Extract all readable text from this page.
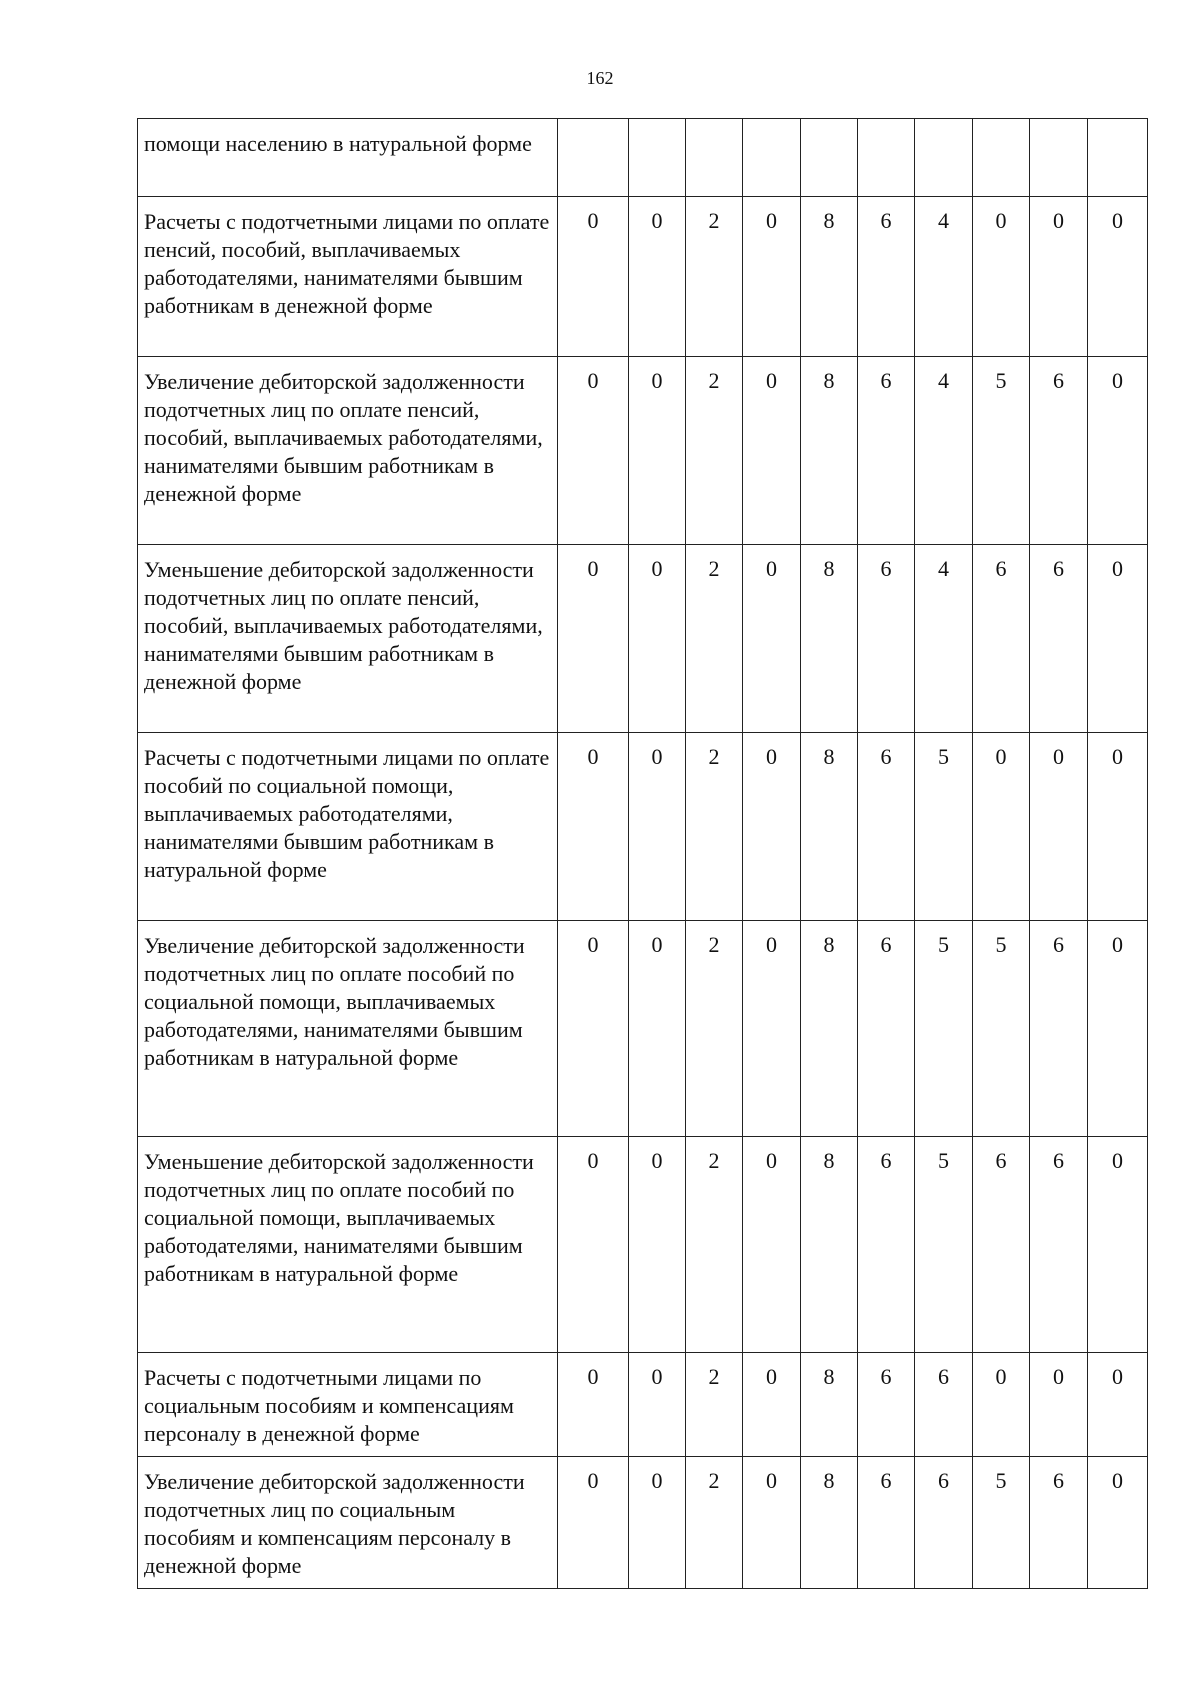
162
помощи населению в натуральной форме										
Расчеты с подотчетными лицами по оплате пенсий, пособий, выплачиваемых работодателями, нанимателями бывшим работникам в денежной форме	0	0	2	0	8	6	4	0	0	0
Увеличение дебиторской задолженности подотчетных лиц по оплате пенсий, пособий, выплачиваемых работодателями, нанимателями бывшим работникам в денежной форме	0	0	2	0	8	6	4	5	6	0
Уменьшение дебиторской задолженности подотчетных лиц по оплате пенсий, пособий, выплачиваемых работодателями, нанимателями бывшим работникам в денежной форме	0	0	2	0	8	6	4	6	6	0
Расчеты с подотчетными лицами по оплате пособий по социальной помощи, выплачиваемых работодателями, нанимателями бывшим работникам в натуральной форме	0	0	2	0	8	6	5	0	0	0
Увеличение дебиторской задолженности подотчетных лиц по оплате пособий по социальной помощи, выплачиваемых работодателями, нанимателями бывшим работникам в натуральной форме	0	0	2	0	8	6	5	5	6	0
Уменьшение дебиторской задолженности подотчетных лиц по оплате пособий по социальной помощи, выплачиваемых работодателями, нанимателями бывшим работникам в натуральной форме	0	0	2	0	8	6	5	6	6	0
Расчеты с подотчетными лицами по социальным пособиям и компенсациям персоналу в денежной форме	0	0	2	0	8	6	6	0	0	0
Увеличение дебиторской задолженности подотчетных лиц по социальным пособиям и компенсациям персоналу в денежной форме	0	0	2	0	8	6	6	5	6	0
